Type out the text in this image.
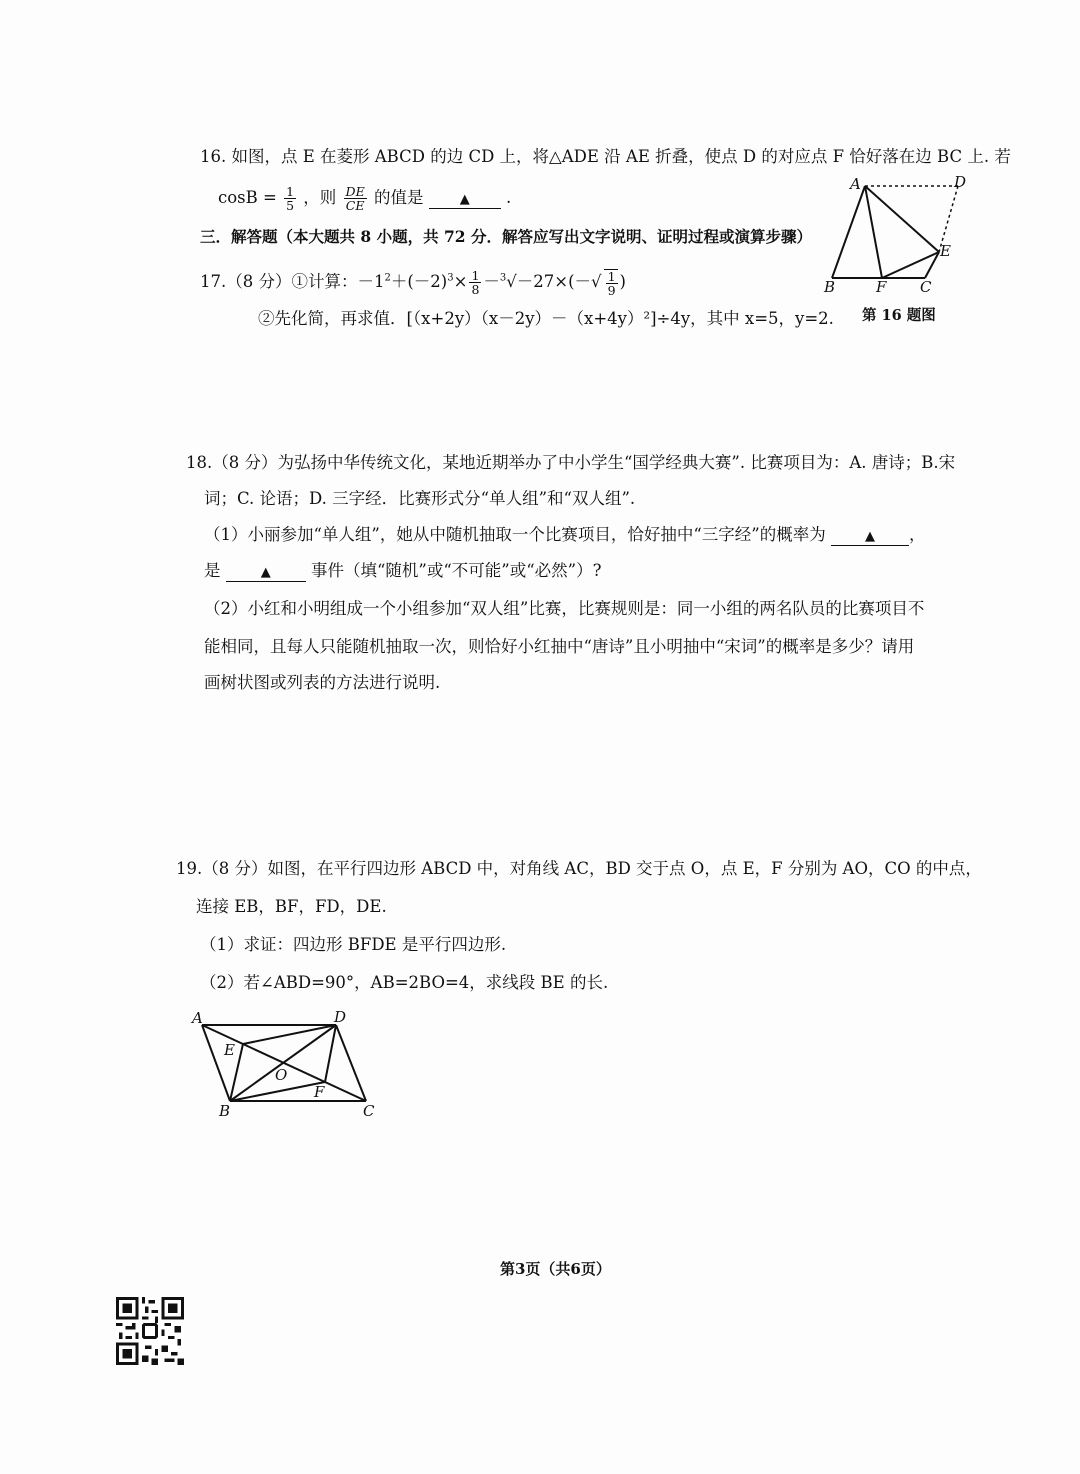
16. 如图，点 E 在菱形 ABCD 的边 CD 上，将△ADE 沿 AE 折叠，使点 D 的对应点 F 恰好落在边 BC 上. 若
$\cos B = \frac{1}{5}$ ，则 $\frac{DE}{CE}$ 的值是	▲ .
A	D
E
B	F C
第 16 题图
三．解答题（本大题共 8 小题，共 72 分．解答应写出文字说明、证明过程或演算步骤）
17.（8 分）①计算：$-1^2+(-2)^3\times \frac{1}{8} -^3√-27\times(-√ \frac{1}{9}$ )
②先化简，再求值．[（x+2y）（x－2y）－（x+4y）²]÷4y，其中 x=5，y=2.
18.（8 分）为弘扬中华传统文化，某地近期举办了中小学生“国学经典大赛”. 比赛项目为：A. 唐诗；B.宋
词；C. 论语；D. 三字经．比赛形式分“单人组”和“双人组”.
（1）小丽参加“单人组”，她从中随机抽取一个比赛项目，恰好抽中“三字经”的概率为	▲ ，
是	▲ 事件（填“随机”或“不可能”或“必然”）?
（2）小红和小明组成一个小组参加“双人组”比赛，比赛规则是：同一小组的两名队员的比赛项目不
能相同，且每人只能随机抽取一次，则恰好小红抽中“唐诗”且小明抽中“宋词”的概率是多少？请用
画树状图或列表的方法进行说明.
19.（8 分）如图，在平行四边形 ABCD 中，对角线 AC，BD 交于点 O，点 E，F 分别为 AO，CO 的中点，
连接 EB，BF，FD，DE.
（1）求证：四边形 BFDE 是平行四边形.
（2）若∠ABD=90°，AB=2BO=4，求线段 BE 的长.
A	D
E
O
F
B	C
第3页（共6页）
